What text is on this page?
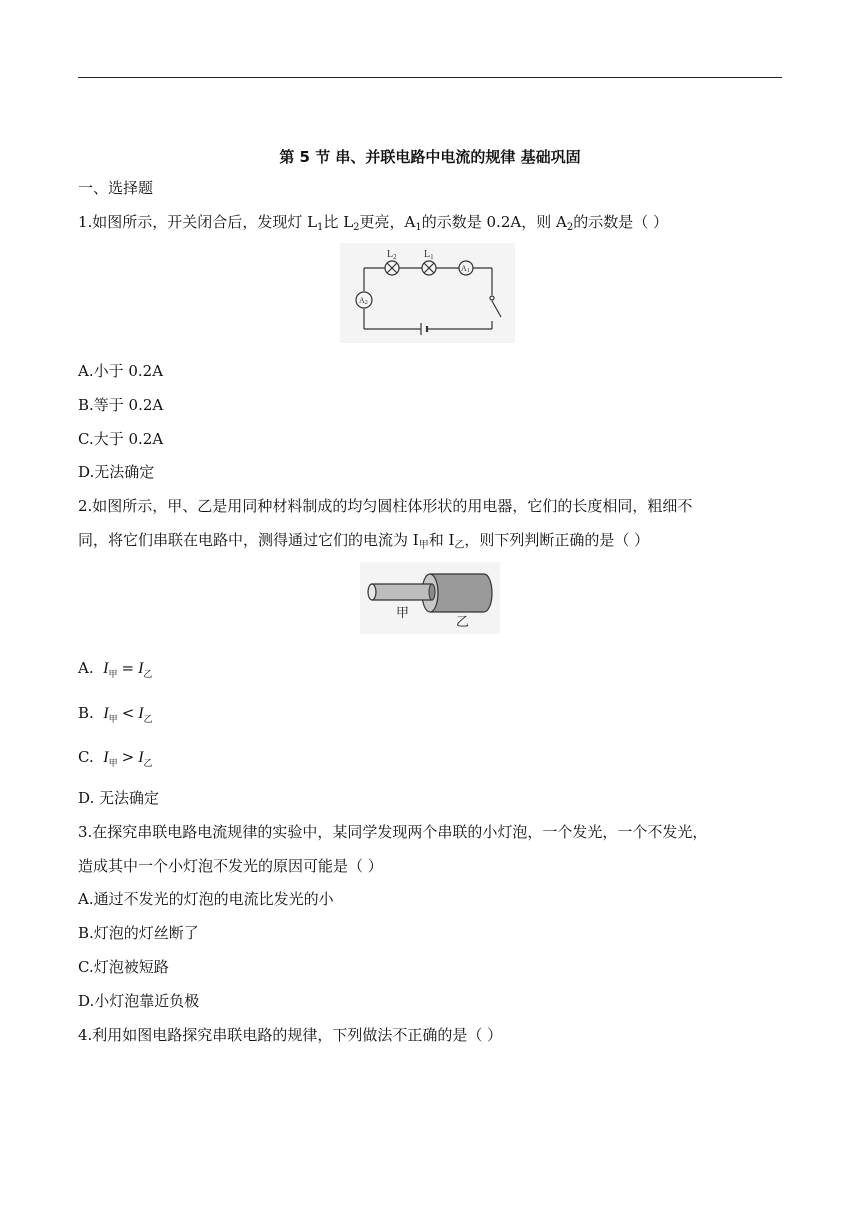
第 5 节 串、并联电路中电流的规律 基础巩固
一、选择题
1.如图所示，开关闭合后，发现灯 $L_1$比 $L_2$更亮，$A_1$的示数是 0.2A，则 $A_2$的示数是（ ）
$L_2$	$L_1$
A1
A2
A.小于 0.2A
B.等于 0.2A
C.大于 0.2A
D.无法确定
2.如图所示，甲、乙是用同种材料制成的均匀圆柱体形状的用电器，它们的长度相同，粗细不
同，将它们串联在电路中，测得通过它们的电流为 $I_甲$和 $I_乙$，则下列判断正确的是（ ）
甲
乙
A. $I_甲 = I_乙$
B. $I_甲 < I_乙$
C. $I_甲 > I_乙$
D. 无法确定
3.在探究串联电路电流规律的实验中，某同学发现两个串联的小灯泡，一个发光，一个不发光，
造成其中一个小灯泡不发光的原因可能是（ ）
A.通过不发光的灯泡的电流比发光的小
B.灯泡的灯丝断了
C.灯泡被短路
D.小灯泡靠近负极
4.利用如图电路探究串联电路的规律，下列做法不正确的是（ ）
